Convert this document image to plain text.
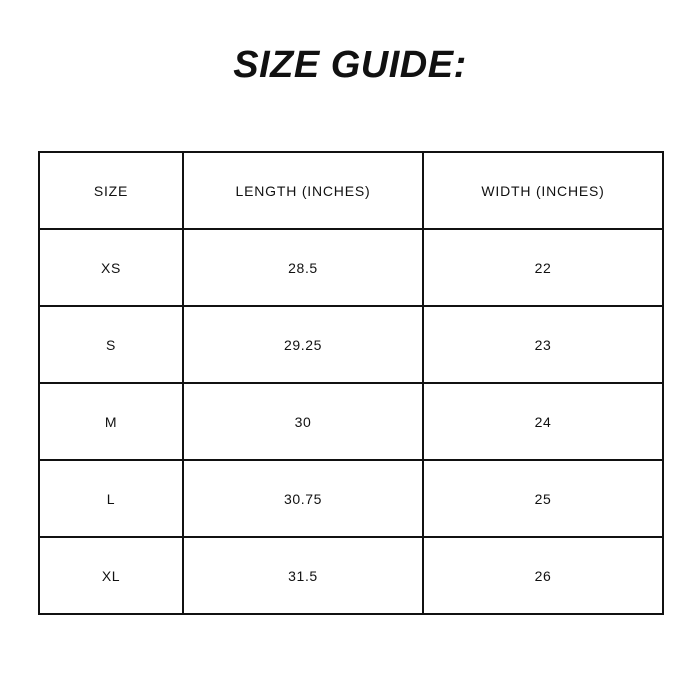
SIZE GUIDE:
SIZE	LENGTH (INCHES)	WIDTH (INCHES)
XS	28.5	22
S	29.25	23
M	30	24
L	30.75	25
XL	31.5	26
